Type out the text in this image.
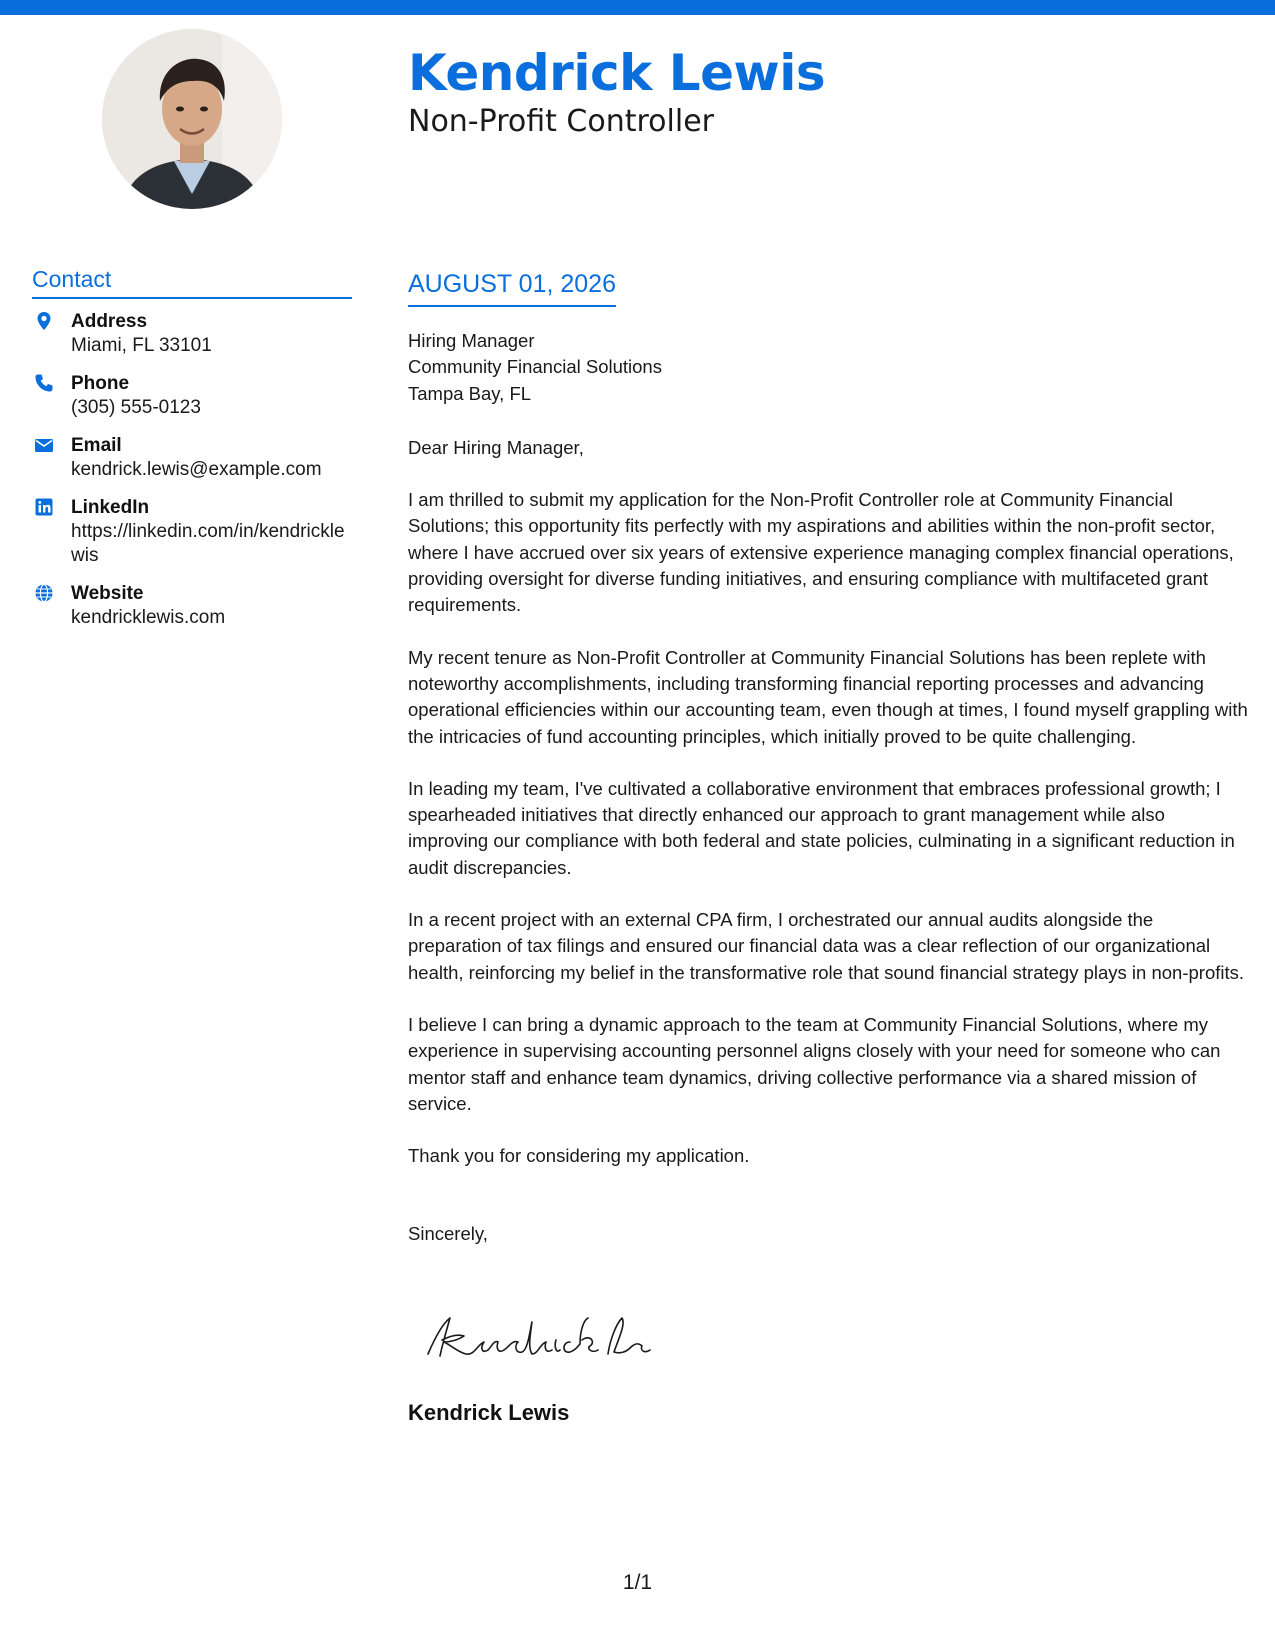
Kendrick Lewis
Non-Profit Controller
Contact
Address
Miami, FL 33101
Phone
(305) 555-0123
Email
kendrick.lewis@example.com
LinkedIn
https://linkedin.com/in/kendricklewis
Website
kendricklewis.com
AUGUST 01, 2026
Hiring Manager
Community Financial Solutions
Tampa Bay, FL
Dear Hiring Manager,

I am thrilled to submit my application for the Non-Profit Controller role at Community Financial Solutions; this opportunity fits perfectly with my aspirations and abilities within the non-profit sector, where I have accrued over six years of extensive experience managing complex financial operations, providing oversight for diverse funding initiatives, and ensuring compliance with multifaceted grant requirements.

My recent tenure as Non-Profit Controller at Community Financial Solutions has been replete with noteworthy accomplishments, including transforming financial reporting processes and advancing operational efficiencies within our accounting team, even though at times, I found myself grappling with the intricacies of fund accounting principles, which initially proved to be quite challenging.

In leading my team, I've cultivated a collaborative environment that embraces professional growth; I spearheaded initiatives that directly enhanced our approach to grant management while also improving our compliance with both federal and state policies, culminating in a significant reduction in audit discrepancies.

In a recent project with an external CPA firm, I orchestrated our annual audits alongside the preparation of tax filings and ensured our financial data was a clear reflection of our organizational health, reinforcing my belief in the transformative role that sound financial strategy plays in non-profits.

I believe I can bring a dynamic approach to the team at Community Financial Solutions, where my experience in supervising accounting personnel aligns closely with your need for someone who can mentor staff and enhance team dynamics, driving collective performance via a shared mission of service.

Thank you for considering my application.

Sincerely,
Kendrick Lewis
1/1
